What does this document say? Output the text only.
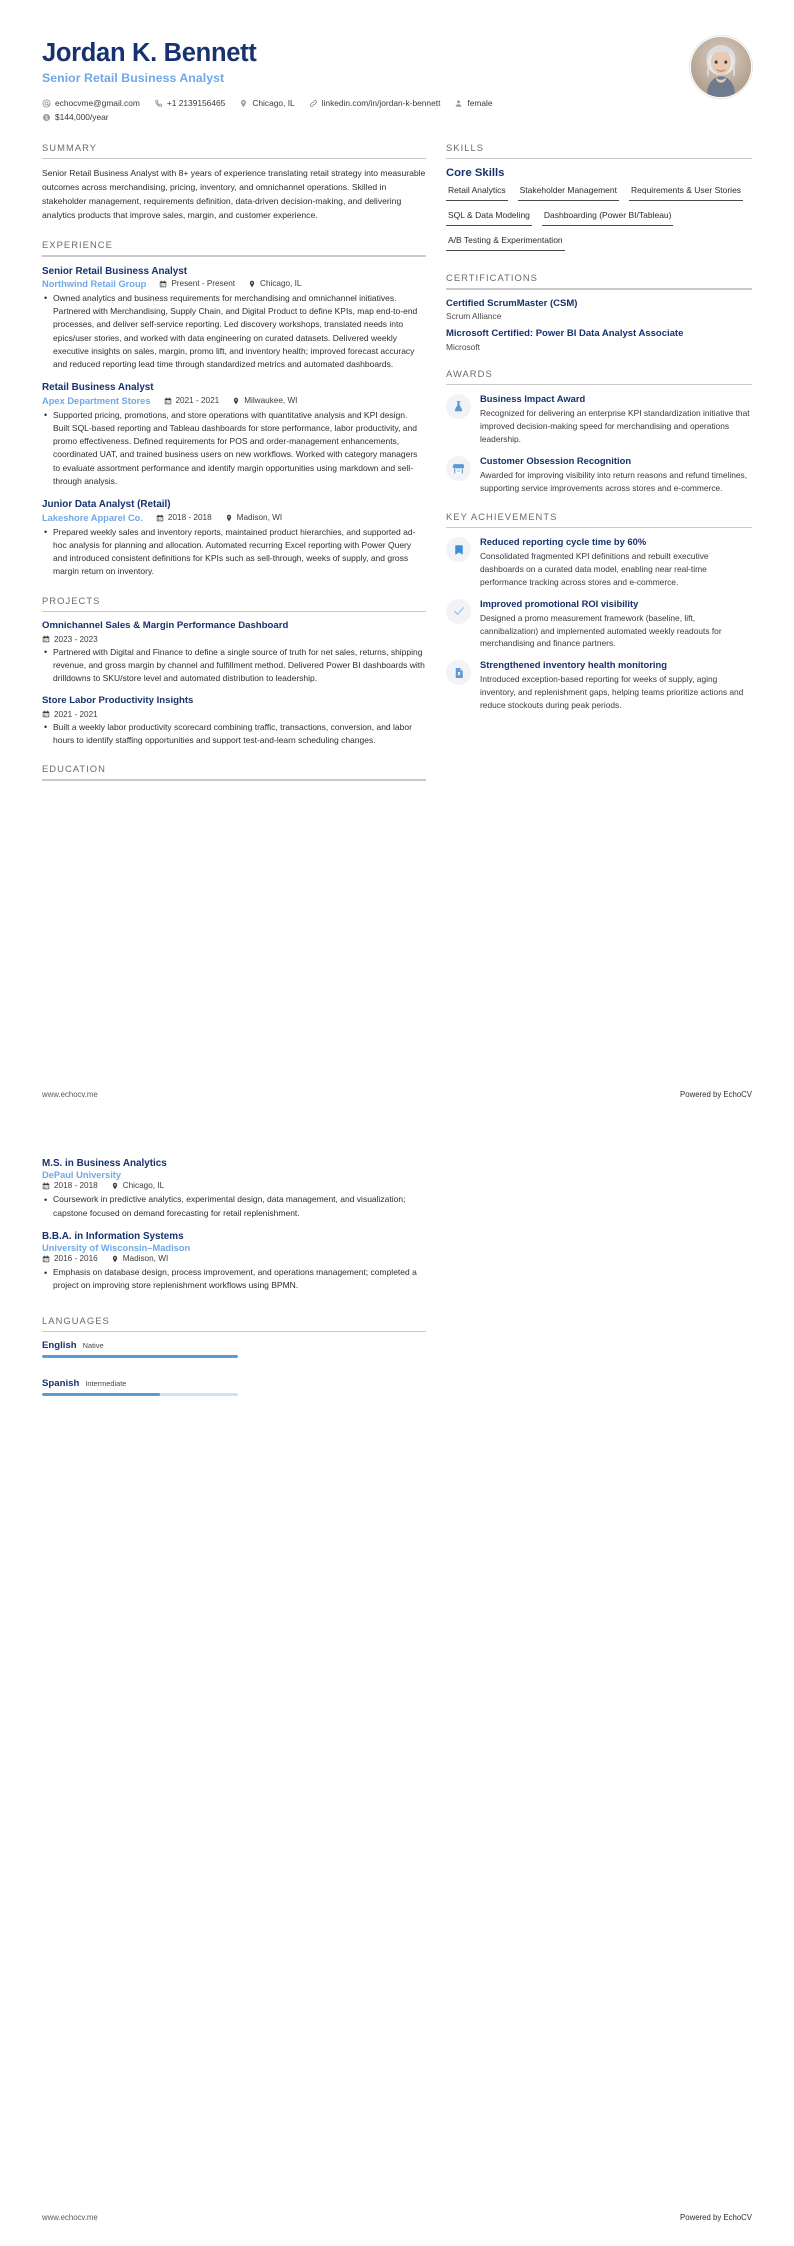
Jordan K. Bennett
Senior Retail Business Analyst
echocvme@gmail.com	+1 2139156465	Chicago, IL	linkedin.com/in/jordan-k-bennett	female
$ $144,000/year
SUMMARY
Senior Retail Business Analyst with 8+ years of experience translating retail strategy into measurable outcomes across merchandising, pricing, inventory, and omnichannel operations. Skilled in stakeholder management, requirements definition, data-driven decision-making, and delivering analytics products that improve sales, margin, and customer experience.
EXPERIENCE
Senior Retail Business Analyst
Northwind Retail Group	Present - Present	Chicago, IL
• Owned analytics and business requirements for merchandising and omnichannel initiatives. Partnered with Merchandising, Supply Chain, and Digital Product to define KPIs, map end-to-end processes, and deliver self-service reporting. Led discovery workshops, translated needs into epics/user stories, and worked with data engineering on curated datasets. Delivered weekly executive insights on sales, margin, promo lift, and inventory health; improved forecast accuracy and reduced reporting lead time through standardized metrics and automated dashboards.
Retail Business Analyst
Apex Department Stores	2021 - 2021	Milwaukee, WI
• Supported pricing, promotions, and store operations with quantitative analysis and KPI design. Built SQL-based reporting and Tableau dashboards for store performance, labor productivity, and promo effectiveness. Defined requirements for POS and order-management enhancements, coordinated UAT, and trained business users on new workflows. Worked with category managers to evaluate assortment performance and identify margin opportunities using markdown and sell-through analysis.
Junior Data Analyst (Retail)
Lakeshore Apparel Co.	2018 - 2018	Madison, WI
• Prepared weekly sales and inventory reports, maintained product hierarchies, and supported ad-hoc analysis for planning and allocation. Automated recurring Excel reporting with Power Query and introduced consistent definitions for KPIs such as sell-through, weeks of supply, and gross margin return on inventory.
PROJECTS
Omnichannel Sales & Margin Performance Dashboard
2023 - 2023
• Partnered with Digital and Finance to define a single source of truth for net sales, returns, shipping revenue, and gross margin by channel and fulfillment method. Delivered Power BI dashboards with drilldowns to SKU/store level and automated distribution to leadership.
Store Labor Productivity Insights
2021 - 2021
• Built a weekly labor productivity scorecard combining traffic, transactions, conversion, and labor hours to identify staffing opportunities and support test-and-learn scheduling changes.
EDUCATION
SKILLS
Core Skills
Retail Analytics Stakeholder Management Requirements & User Stories
SQL & Data Modeling Dashboarding (Power BI/Tableau)
A/B Testing & Experimentation
CERTIFICATIONS
Certified ScrumMaster (CSM)
Scrum Alliance
Microsoft Certified: Power BI Data Analyst Associate
Microsoft
AWARDS
Business Impact Award
Recognized for delivering an enterprise KPI standardization initiative that improved decision-making speed for merchandising and operations leadership.
Customer Obsession Recognition
Awarded for improving visibility into return reasons and refund timelines, supporting service improvements across stores and e-commerce.
KEY ACHIEVEMENTS
Reduced reporting cycle time by 60%
Consolidated fragmented KPI definitions and rebuilt executive dashboards on a curated data model, enabling near real-time performance tracking across stores and e-commerce.
Improved promotional ROI visibility
Designed a promo measurement framework (baseline, lift, cannibalization) and implemented automated weekly readouts for merchandising and finance partners.
Strengthened inventory health monitoring
Introduced exception-based reporting for weeks of supply, aging inventory, and replenishment gaps, helping teams prioritize actions and reduce stockouts during peak periods.
www.echocv.me	Powered by EchoCV
M.S. in Business Analytics
DePaul University
2018 - 2018	Chicago, IL
• Coursework in predictive analytics, experimental design, data management, and visualization; capstone focused on demand forecasting for retail replenishment.
B.B.A. in Information Systems
University of Wisconsin–Madison
2016 - 2016	Madison, WI
• Emphasis on database design, process improvement, and operations management; completed a project on improving store replenishment workflows using BPMN.
LANGUAGES
English Native
Spanish Intermediate
www.echocv.me	Powered by EchoCV
